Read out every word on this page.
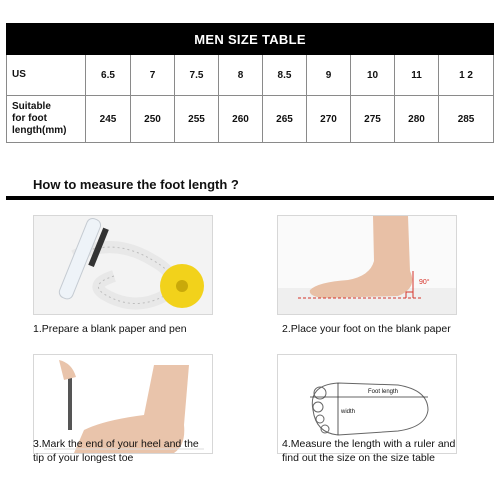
MEN SIZE TABLE									
US	6.5	7	7.5	8	8.5	9	10	11	1 2
Suitable
for foot
length(mm)	245	250	255	260	265	270	275	280	285
How to measure the foot length ?
1.Prepare a blank paper and pen
90°
2.Place your foot on the blank paper
3.Mark the end of your heel and the
tip of your longest toe
Foot length
width
4.Measure the length with a ruler and
find out the size on the size table
